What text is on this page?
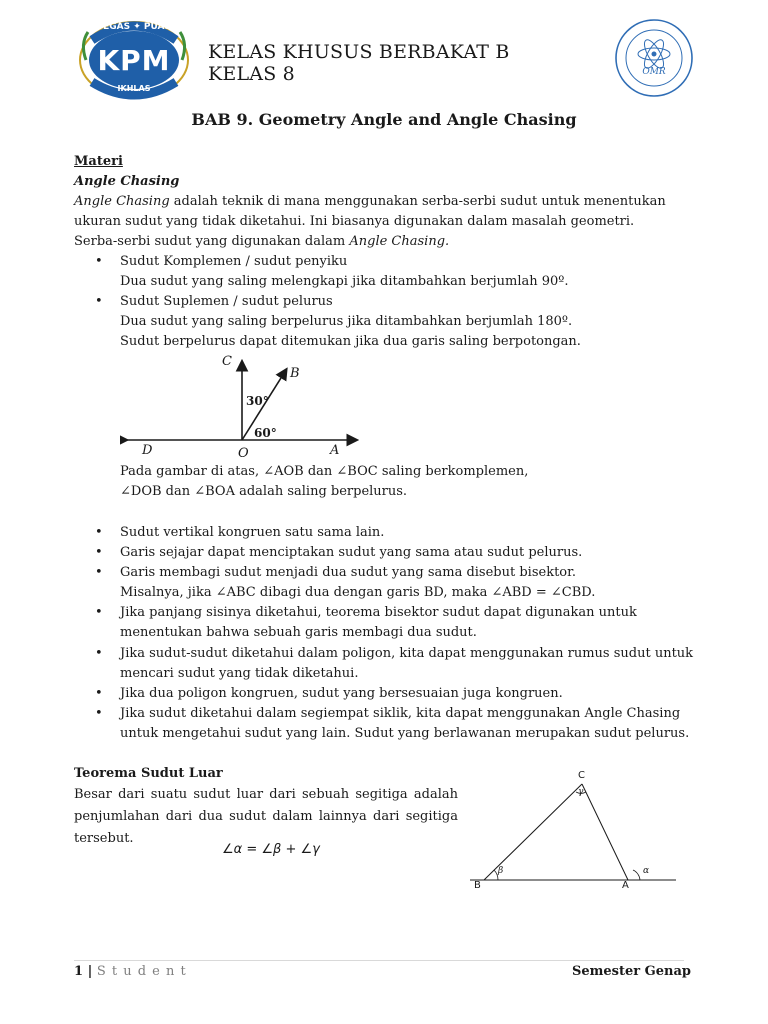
TEGAS ✦ PUAS
KPM
IKHLAS
KELAS KHUSUS BERBAKAT B
KELAS 8	OMR
BAB 9. Geometry Angle and Angle Chasing
Materi
Angle Chasing
Angle Chasing adalah teknik di mana menggunakan serba-serbi sudut untuk menentukan
ukuran sudut yang tidak diketahui. Ini biasanya digunakan dalam masalah geometri.
Serba-serbi sudut yang digunakan dalam Angle Chasing.
• Sudut Komplemen / sudut penyiku
Dua sudut yang saling melengkapi jika ditambahkan berjumlah 90º.
• Sudut Suplemen / sudut pelurus
Dua sudut yang saling berpelurus jika ditambahkan berjumlah 180º.
Sudut berpelurus dapat ditemukan jika dua garis saling berpotongan.
C
B
30°
60°
D	O	A
Pada gambar di atas, ∠AOB dan ∠BOC saling berkomplemen,
∠DOB dan ∠BOA adalah saling berpelurus.
• Sudut vertikal kongruen satu sama lain.
• Garis sejajar dapat menciptakan sudut yang sama atau sudut pelurus.
• Garis membagi sudut menjadi dua sudut yang sama disebut bisektor.
Misalnya, jika ∠ABC dibagi dua dengan garis BD, maka ∠ABD = ∠CBD.
• Jika panjang sisinya diketahui, teorema bisektor sudut dapat digunakan untuk
menentukan bahwa sebuah garis membagi dua sudut.
• Jika sudut-sudut diketahui dalam poligon, kita dapat menggunakan rumus sudut untuk
mencari sudut yang tidak diketahui.
• Jika dua poligon kongruen, sudut yang bersesuaian juga kongruen.
• Jika sudut diketahui dalam segiempat siklik, kita dapat menggunakan Angle Chasing
untuk mengetahui sudut yang lain. Sudut yang berlawanan merupakan sudut pelurus.
Teorema Sudut Luar
Besar dari suatu sudut luar dari sebuah segitiga adalah penjumlahan dari dua sudut dalam lainnya dari segitiga tersebut.
∠α = ∠β + ∠γ
C
γ
β	α
B	A
1 | S t u d e n t	Semester Genap
